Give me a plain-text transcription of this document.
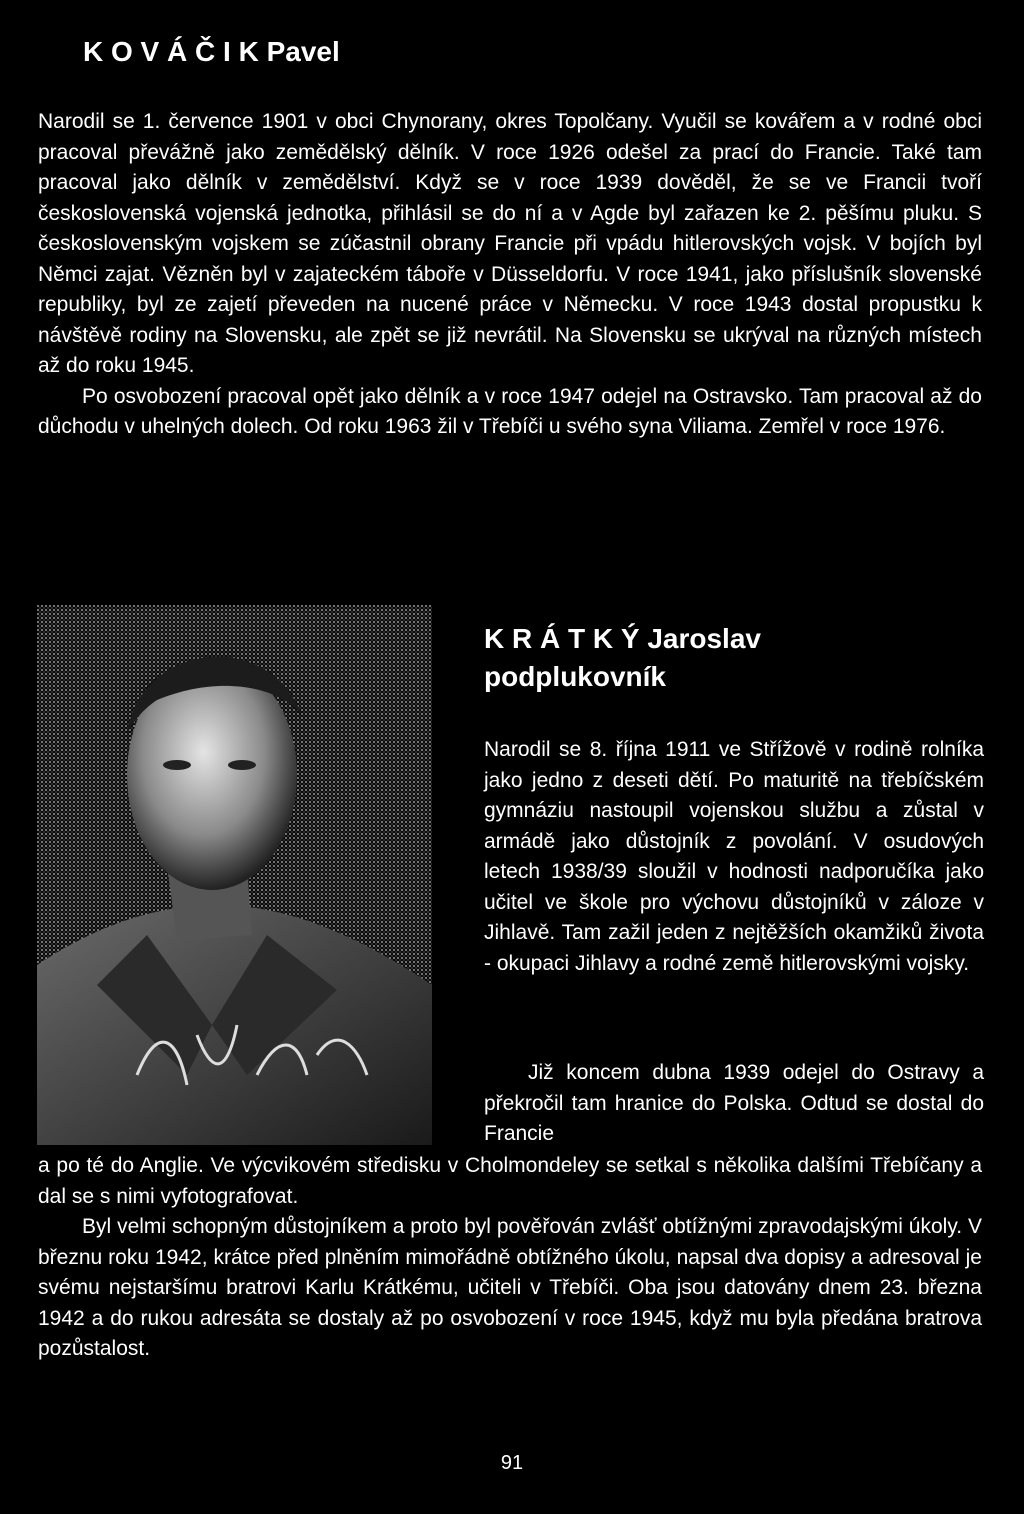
K O V Á Č I K Pavel

Narodil se 1. července 1901 v obci Chynorany, okres Topolčany. Vyučil se kovářem a v rodné obci pracoval převážně jako zemědělský dělník. V roce 1926 odešel za prací do Francie. Také tam pracoval jako dělník v zemědělství. Když se v roce 1939 dověděl, že se ve Francii tvoří československá vojenská jednotka, přihlásil se do ní a v Agde byl zařazen ke 2. pěšímu pluku. S československým vojskem se zúčastnil obrany Francie při vpádu hitlerovských vojsk. V bojích byl Němci zajat. Vězněn byl v zajateckém táboře v Düsseldorfu. V roce 1941, jako příslušník slovenské republiky, byl ze zajetí převeden na nucené práce v Německu. V roce 1943 dostal propustku k návštěvě rodiny na Slovensku, ale zpět se již nevrátil. Na Slovensku se ukrýval na různých místech až do roku 1945.

Po osvobození pracoval opět jako dělník a v roce 1947 odejel na Ostravsko. Tam pracoval až do důchodu v uhelných dolech. Od roku 1963 žil v Třebíči u svého syna Viliama. Zemřel v roce 1976.

K R Á T K Ý Jaroslav
podplukovník

Narodil se 8. října 1911 ve Střížově v rodině rolníka jako jedno z deseti dětí. Po maturitě na třebíčském gymnáziu nastoupil vojenskou službu a zůstal v armádě jako důstojník z povolání. V osudových letech 1938/39 sloužil v hodnosti nadporučíka jako učitel ve škole pro výchovu důstojníků v záloze v Jihlavě. Tam zažil jeden z nejtěžších okamžiků života - okupaci Jihlavy a rodné země hitlerovskými vojsky.

Již koncem dubna 1939 odejel do Ostravy a překročil tam hranice do Polska. Odtud se dostal do Francie

a po té do Anglie. Ve výcvikovém středisku v Cholmondeley se setkal s několika dalšími Třebíčany a dal se s nimi vyfotografovat.

Byl velmi schopným důstojníkem a proto byl pověřován zvlášť obtížnými zpravodajskými úkoly. V březnu roku 1942, krátce před plněním mimořádně obtížného úkolu, napsal dva dopisy a adresoval je svému nejstaršímu bratrovi Karlu Krátkému, učiteli v Třebíči. Oba jsou datovány dnem 23. března 1942 a do rukou adresáta se dostaly až po osvobození v roce 1945, když mu byla předána bratrova pozůstalost.

91
